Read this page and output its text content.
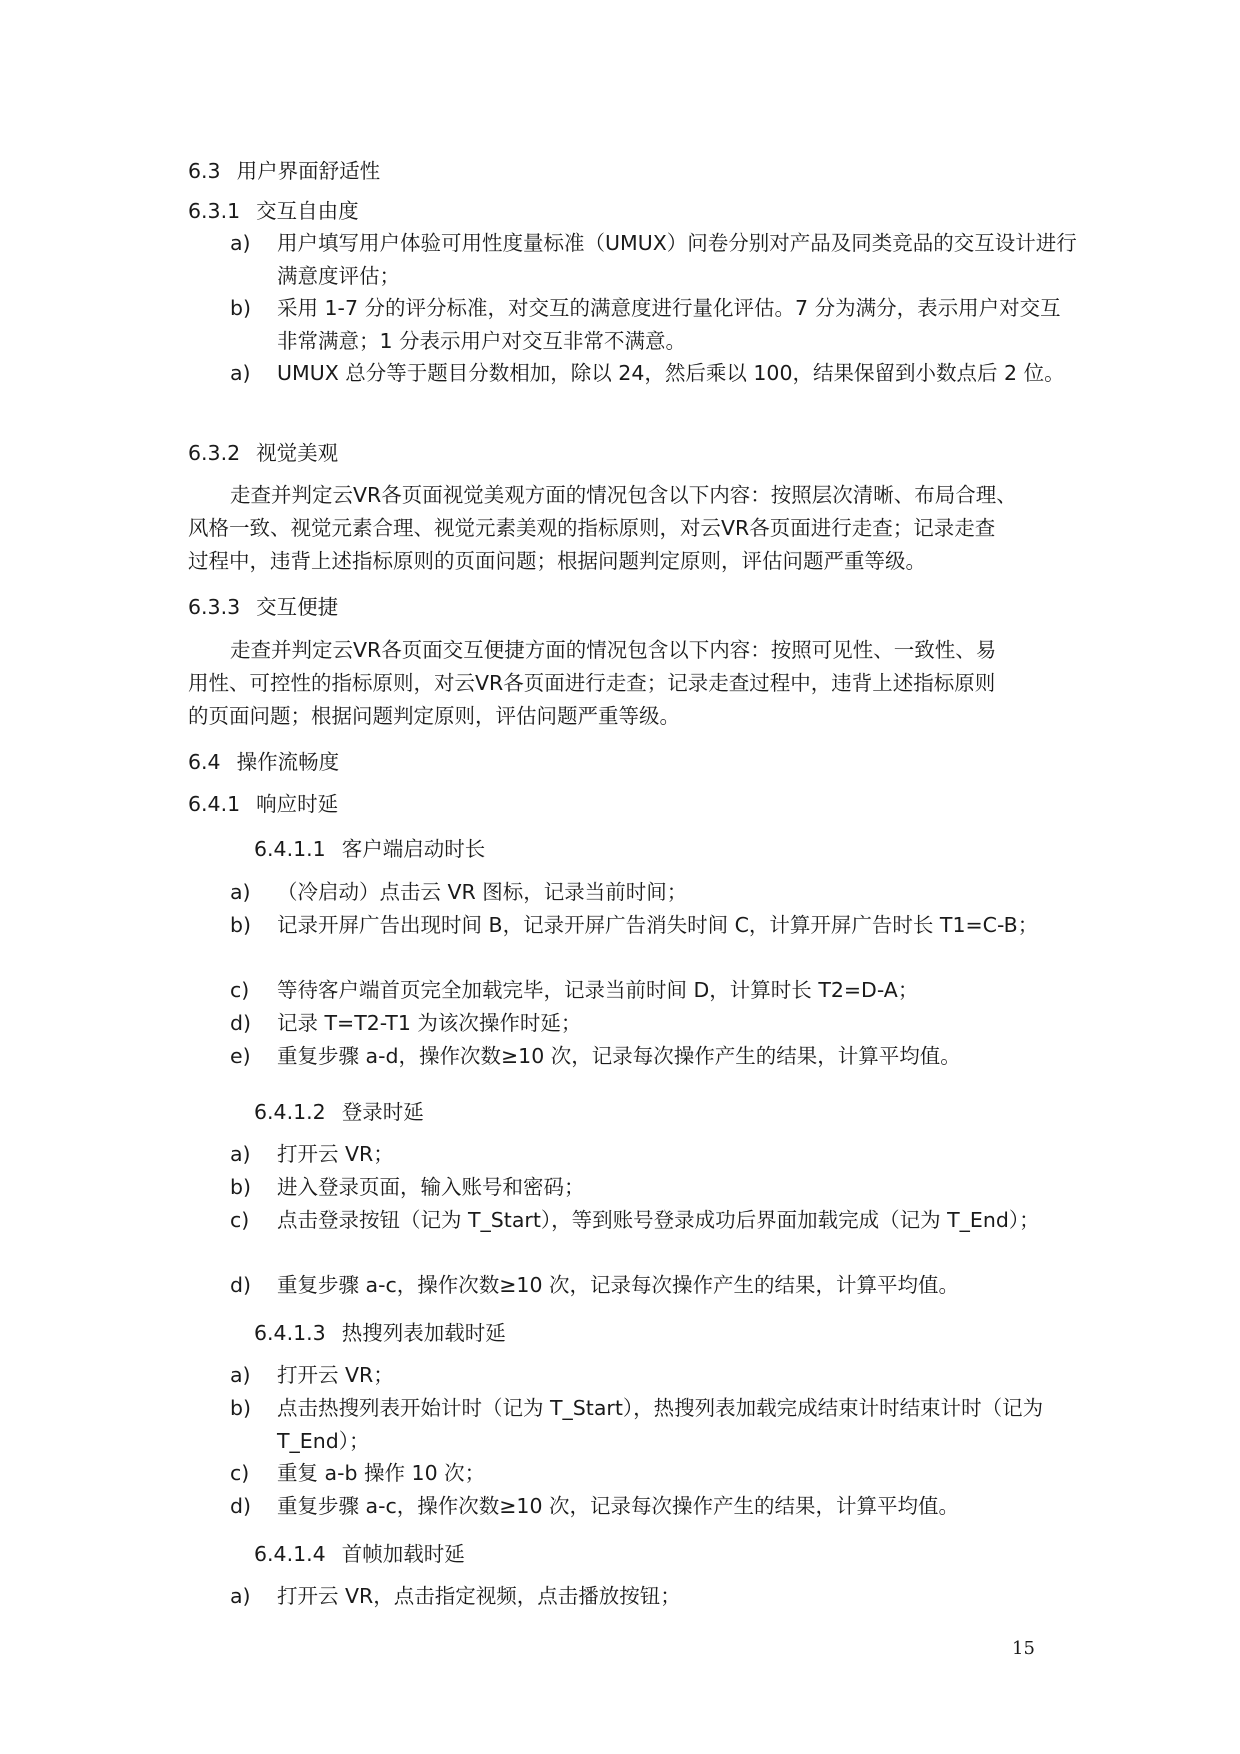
6.3 用户界面舒适性
6.3.1 交互自由度
a) 用户填写用户体验可用性度量标准（UMUX）问卷分别对产品及同类竞品的交互设计进行满意度评估；
b) 采用 1-7 分的评分标准，对交互的满意度进行量化评估。7 分为满分，表示用户对交互非常满意；1 分表示用户对交互非常不满意。
a) UMUX 总分等于题目分数相加，除以 24，然后乘以 100，结果保留到小数点后 2 位。
6.3.2 视觉美观
走查并判定云VR各页面视觉美观方面的情况包含以下内容：按照层次清晰、布局合理、
风格一致、视觉元素合理、视觉元素美观的指标原则，对云VR各页面进行走查；记录走查
过程中，违背上述指标原则的页面问题；根据问题判定原则，评估问题严重等级。
6.3.3 交互便捷
走查并判定云VR各页面交互便捷方面的情况包含以下内容：按照可见性、一致性、易
用性、可控性的指标原则，对云VR各页面进行走查；记录走查过程中，违背上述指标原则
的页面问题；根据问题判定原则，评估问题严重等级。
6.4 操作流畅度
6.4.1 响应时延
6.4.1.1 客户端启动时长
a) （冷启动）点击云 VR 图标，记录当前时间；
b) 记录开屏广告出现时间 B，记录开屏广告消失时间 C，计算开屏广告时长 T1=C-B；
c) 等待客户端首页完全加载完毕，记录当前时间 D，计算时长 T2=D-A；
d) 记录 T=T2-T1 为该次操作时延；
e) 重复步骤 a-d，操作次数≥10 次，记录每次操作产生的结果，计算平均值。
6.4.1.2 登录时延
a) 打开云 VR；
b) 进入登录页面，输入账号和密码；
c) 点击登录按钮（记为 T_Start），等到账号登录成功后界面加载完成（记为 T_End）；
d) 重复步骤 a-c，操作次数≥10 次，记录每次操作产生的结果，计算平均值。
6.4.1.3 热搜列表加载时延
a) 打开云 VR；
b) 点击热搜列表开始计时（记为 T_Start），热搜列表加载完成结束计时结束计时（记为 T_End）；
c) 重复 a-b 操作 10 次；
d) 重复步骤 a-c，操作次数≥10 次，记录每次操作产生的结果，计算平均值。
6.4.1.4 首帧加载时延
a) 打开云 VR，点击指定视频，点击播放按钮；
15
